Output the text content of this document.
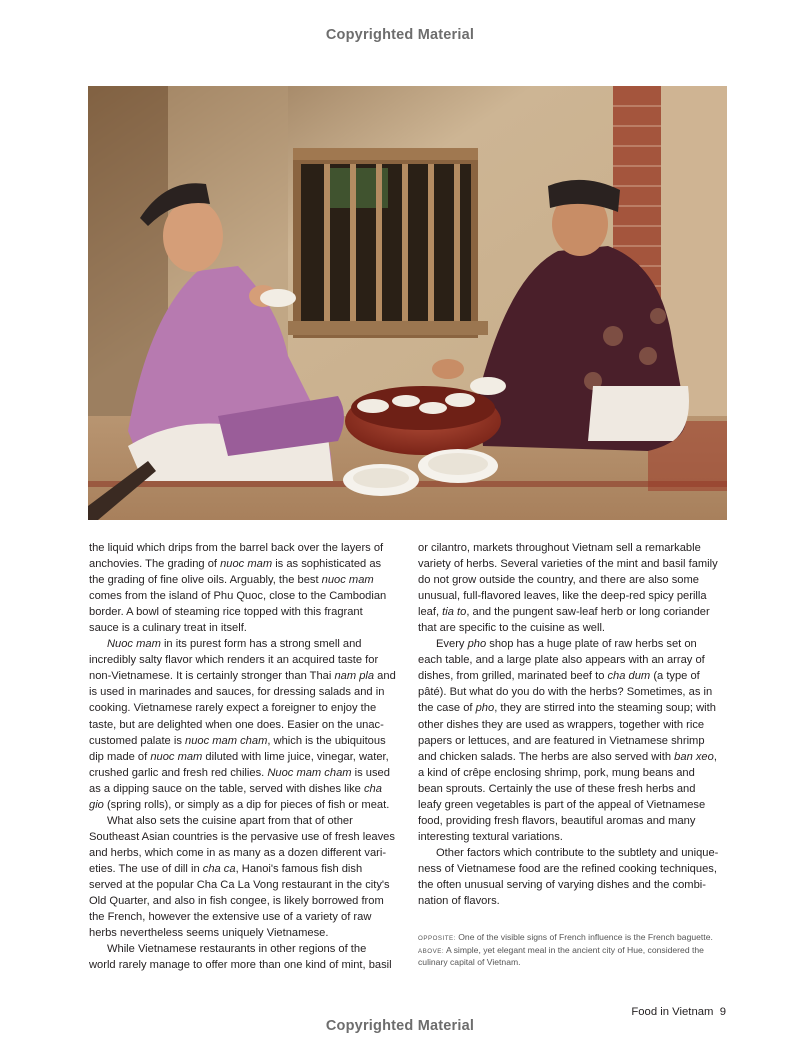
Copyrighted Material
the liquid which drips from the barrel back over the layers of
anchovies. The grading of nuoc mam is as sophisticated as
the grading of fine olive oils. Arguably, the best nuoc mam
comes from the island of Phu Quoc, close to the Cambodian
border. A bowl of steaming rice topped with this fragrant
sauce is a culinary treat in itself.
Nuoc mam in its purest form has a strong smell and
incredibly salty flavor which renders it an acquired taste for
non-Vietnamese. It is certainly stronger than Thai nam pla and
is used in marinades and sauces, for dressing salads and in
cooking. Vietnamese rarely expect a foreigner to enjoy the
taste, but are delighted when one does. Easier on the unac-
customed palate is nuoc mam cham, which is the ubiquitous
dip made of nuoc mam diluted with lime juice, vinegar, water,
crushed garlic and fresh red chilies. Nuoc mam cham is used
as a dipping sauce on the table, served with dishes like cha
gio (spring rolls), or simply as a dip for pieces of fish or meat.
What also sets the cuisine apart from that of other
Southeast Asian countries is the pervasive use of fresh leaves
and herbs, which come in as many as a dozen different vari-
eties. The use of dill in cha ca, Hanoi's famous fish dish
served at the popular Cha Ca La Vong restaurant in the city's
Old Quarter, and also in fish congee, is likely borrowed from
the French, however the extensive use of a variety of raw
herbs nevertheless seems uniquely Vietnamese.
While Vietnamese restaurants in other regions of the
world rarely manage to offer more than one kind of mint, basil
or cilantro, markets throughout Vietnam sell a remarkable
variety of herbs. Several varieties of the mint and basil family
do not grow outside the country, and there are also some
unusual, full-flavored leaves, like the deep-red spicy perilla
leaf, tia to, and the pungent saw-leaf herb or long coriander
that are specific to the cuisine as well.
Every pho shop has a huge plate of raw herbs set on
each table, and a large plate also appears with an array of
dishes, from grilled, marinated beef to cha dum (a type of
pâté). But what do you do with the herbs? Sometimes, as in
the case of pho, they are stirred into the steaming soup; with
other dishes they are used as wrappers, together with rice
papers or lettuces, and are featured in Vietnamese shrimp
and chicken salads. The herbs are also served with ban xeo,
a kind of crêpe enclosing shrimp, pork, mung beans and
bean sprouts. Certainly the use of these fresh herbs and
leafy green vegetables is part of the appeal of Vietnamese
food, providing fresh flavors, beautiful aromas and many
interesting textural variations.
Other factors which contribute to the subtlety and unique-
ness of Vietnamese food are the refined cooking techniques,
the often unusual serving of varying dishes and the combi-
nation of flavors.
OPPOSITE: One of the visible signs of French influence is the French baguette.
ABOVE: A simple, yet elegant meal in the ancient city of Hue, considered the
culinary capital of Vietnam.
Food in Vietnam 9
Copyrighted Material
